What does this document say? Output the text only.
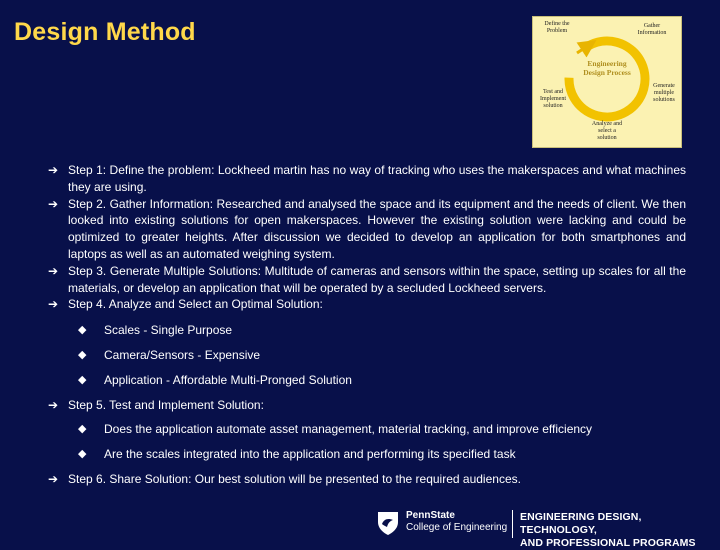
Design Method	Define the Problem
Gather Information
Generate multiple solutions
Analyze and select a solution
Test and Implement solution
Engineering Design Process
➔ Step 1: Define the problem: Lockheed martin has no way of tracking who uses the makerspaces and what machines they are using.
➔ Step 2. Gather Information: Researched and analysed the space and its equipment and the needs of client. We then looked into existing solutions for open makerspaces. However the existing solution were lacking and could be optimized to greater heights. After discussion we decided to develop an application for both smartphones and laptops as well as an automated weighing system.
➔ Step 3. Generate Multiple Solutions: Multitude of cameras and sensors within the space, setting up scales for all the materials, or develop an application that will be operated by a secluded Lockheed servers.
➔ Step 4. Analyze and Select an Optimal Solution:
◆ Scales - Single Purpose
◆ Camera/Sensors - Expensive
◆ Application - Affordable Multi-Pronged Solution
➔ Step 5. Test and Implement Solution:
◆ Does the application automate asset management, material tracking, and improve efficiency
◆ Are the scales integrated into the application and performing its specified task
➔ Step 6. Share Solution: Our best solution will be presented to the required audiences.
PennState
College of Engineering
ENGINEERING DESIGN, TECHNOLOGY,
AND PROFESSIONAL PROGRAMS
